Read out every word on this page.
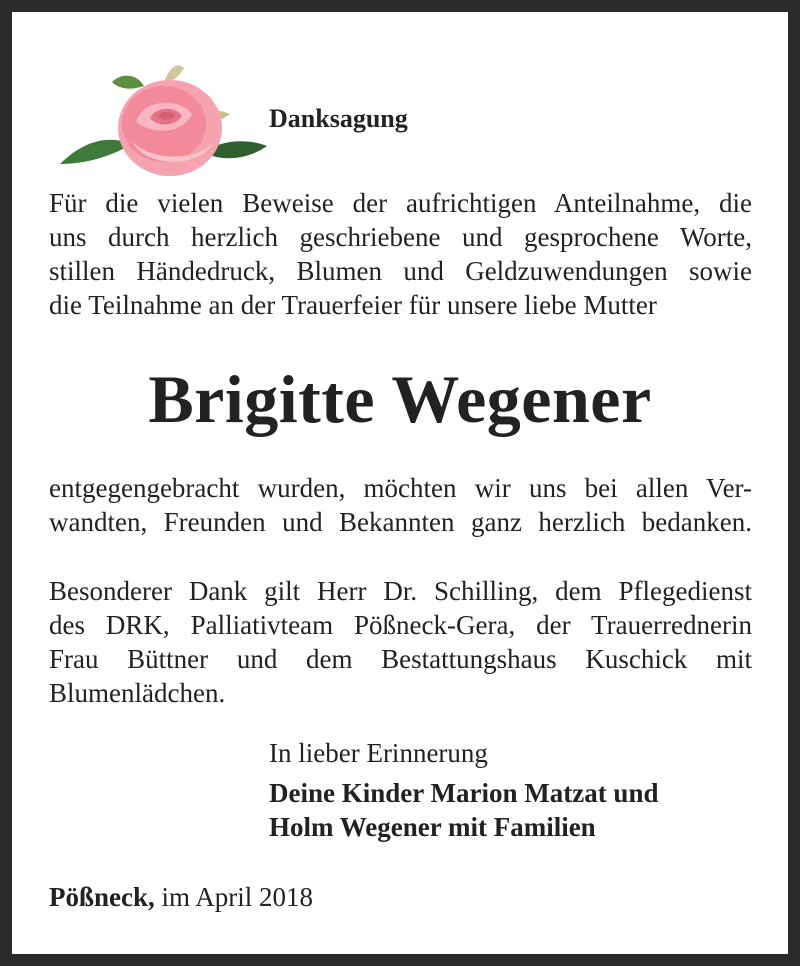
Danksagung
Für die vielen Beweise der aufrichtigen Anteilnahme, die
uns durch herzlich geschriebene und gesprochene Worte,
stillen Händedruck, Blumen und Geldzuwendungen sowie
die Teilnahme an der Trauerfeier für unsere liebe Mutter
Brigitte Wegener
entgegengebracht wurden, möchten wir uns bei allen Ver-
wandten, Freunden und Bekannten ganz herzlich bedanken.
Besonderer Dank gilt Herr Dr. Schilling, dem Pflegedienst
des DRK, Palliativteam Pößneck-Gera, der Trauerrednerin
Frau Büttner und dem Bestattungshaus Kuschick mit
Blumenlädchen.
In lieber Erinnerung
Deine Kinder Marion Matzat und
Holm Wegener mit Familien
Pößneck, im April 2018
